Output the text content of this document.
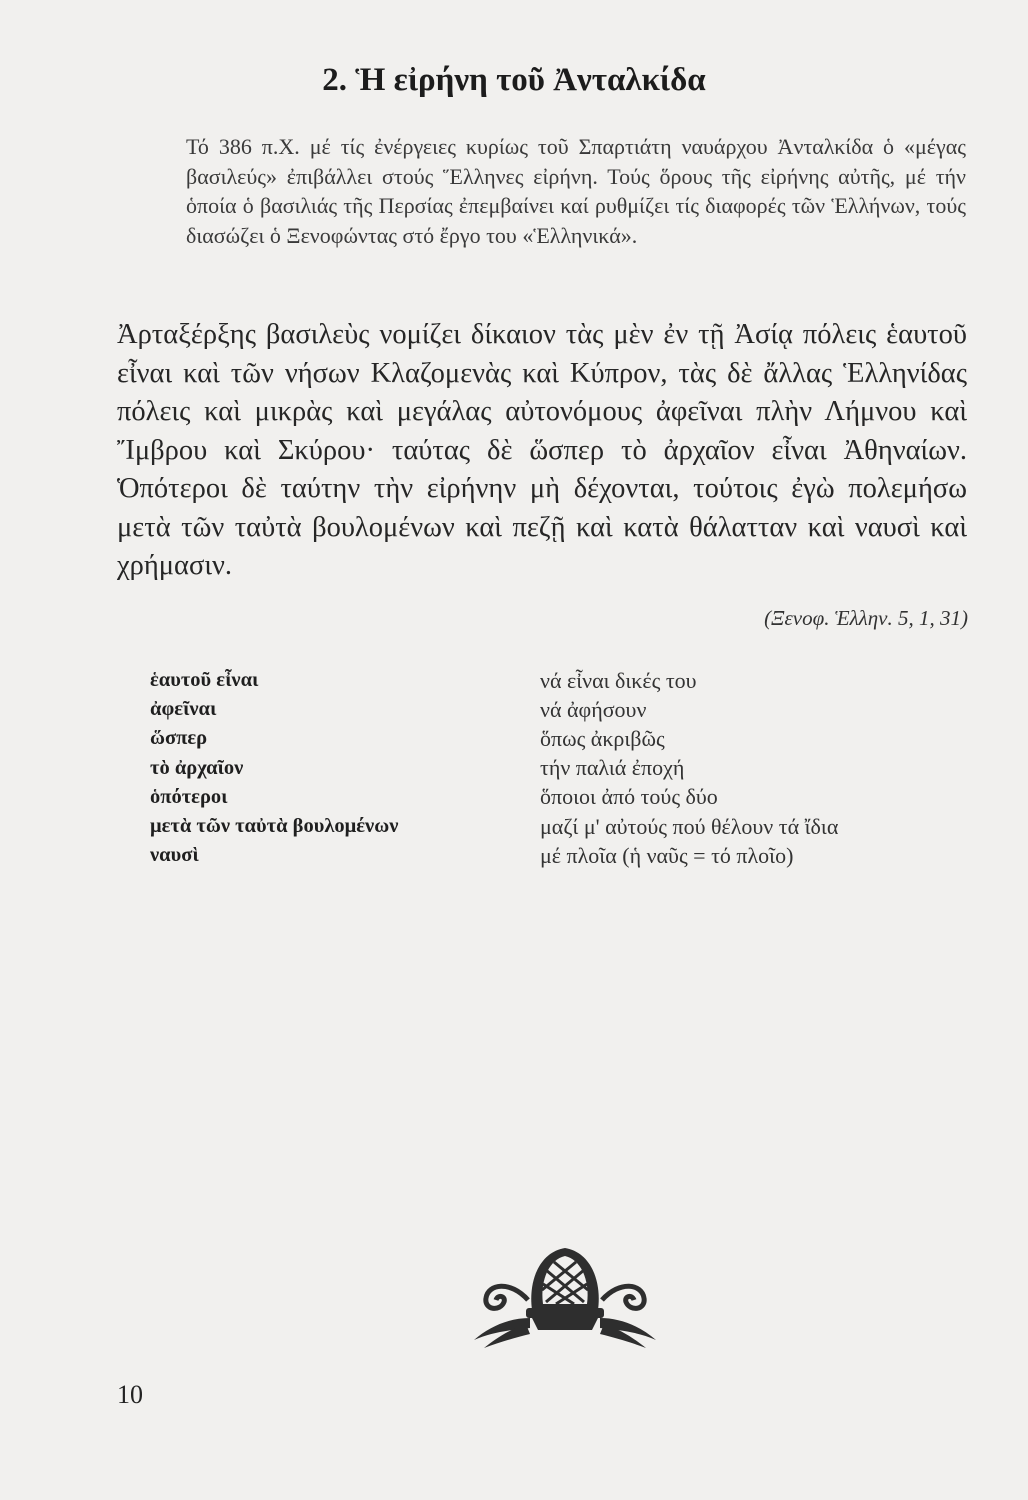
2. Ἡ εἰρήνη τοῦ Ἀνταλκίδα

Τό 386 π.Χ. μέ τίς ἐνέργειες κυρίως τοῦ Σπαρτιάτη ναυάρχου Ἀνταλκίδα ὁ «μέγας βασιλεύς» ἐπιβάλλει στούς Ἕλληνες εἰρήνη. Τούς ὅρους τῆς εἰρήνης αὐτῆς, μέ τήν ὁποία ὁ βασιλιάς τῆς Περσίας ἐπεμβαίνει καί ρυθμίζει τίς διαφορές τῶν Ἑλλήνων, τούς διασώζει ὁ Ξενοφώντας στό ἔργο του «Ἑλληνικά».

Ἀρταξέρξης βασιλεὺς νομίζει δίκαιον τὰς μὲν ἐν τῇ Ἀσίᾳ πόλεις ἑαυτοῦ εἶναι καὶ τῶν νήσων Κλαζομενὰς καὶ Κύπρον, τὰς δὲ ἄλλας Ἑλληνίδας πόλεις καὶ μικρὰς καὶ μεγάλας αὐτονόμους ἀφεῖναι πλὴν Λήμνου καὶ Ἴμβρου καὶ Σκύρου· ταύτας δὲ ὥσπερ τὸ ἀρχαῖον εἶναι Ἀθηναίων. Ὁπότεροι δὲ ταύτην τὴν εἰρήνην μὴ δέχονται, τούτοις ἐγὼ πολεμήσω μετὰ τῶν ταὐτὰ βουλομένων καὶ πεζῇ καὶ κατὰ θάλατταν καὶ ναυσὶ καὶ χρήμασιν.

(Ξενοφ. Ἑλλην. 5, 1, 31)
ἑαυτοῦ εἶναι	νά εἶναι δικές του
ἀφεῖναι	νά ἀφήσουν
ὥσπερ	ὅπως ἀκριβῶς
τὸ ἀρχαῖον	τήν παλιά ἐποχή
ὁπότεροι	ὅποιοι ἀπό τούς δύο
μετὰ τῶν ταὐτὰ βουλομένων	μαζί μ' αὐτούς πού θέλουν τά ἴδια
ναυσὶ	μέ πλοῖα (ἡ ναῦς = τό πλοῖο)
10
